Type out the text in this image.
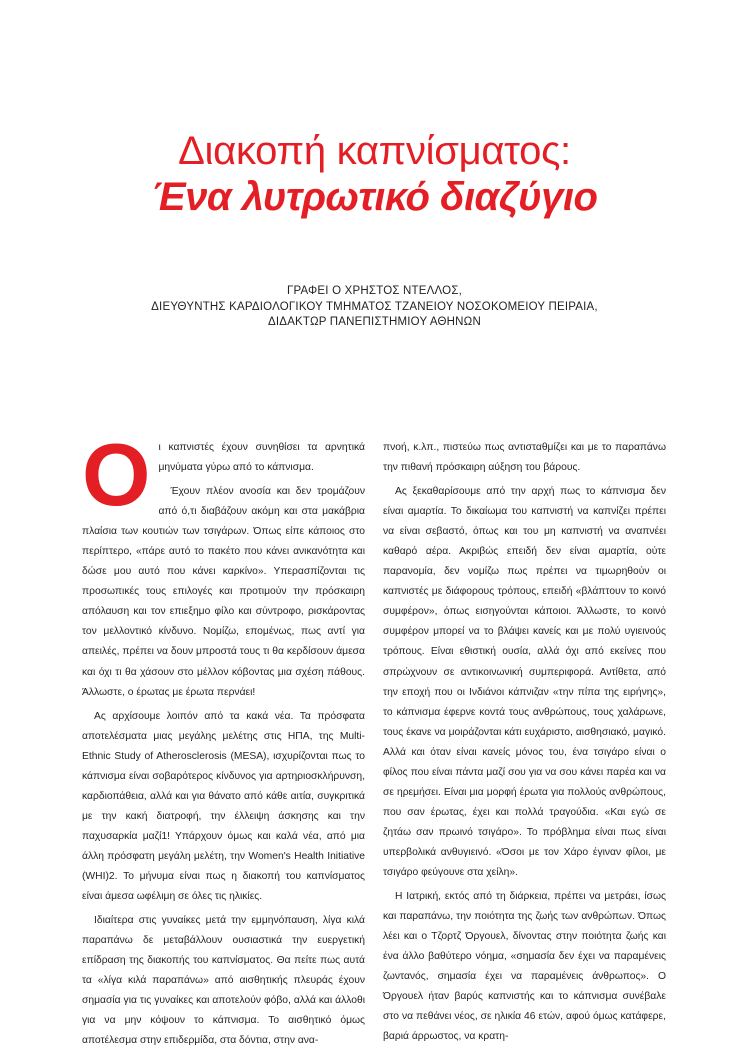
Διακοπή καπνίσματος:
Ένα λυτρωτικό διαζύγιο
ΓΡΑΦΕΙ Ο ΧΡΗΣΤΟΣ ΝΤΕΛΛΟΣ,
ΔΙΕΥΘΥΝΤΗΣ ΚΑΡΔΙΟΛΟΓΙΚΟΥ ΤΜΗΜΑΤΟΣ ΤΖΑΝΕΙΟΥ ΝΟΣΟΚΟΜΕΙΟΥ ΠΕΙΡΑΙΑ,
ΔΙΔΑΚΤΩΡ ΠΑΝΕΠΙΣΤΗΜΙΟΥ ΑΘΗΝΩΝ
Ο ι καπνιστές έχουν συνηθίσει τα αρνητικά μηνύματα γύρω από το κάπνισμα.

Έχουν πλέον ανοσία και δεν τρομάζουν από ό,τι διαβάζουν ακόμη και στα μακάβρια πλαίσια των κουτιών των τσιγάρων. Όπως είπε κάποιος στο περίπτερο, «πάρε αυτό το πακέτο που κάνει ανικανότητα και δώσε μου αυτό που κάνει καρκίνο». Υπερασπίζονται τις προσωπικές τους επιλογές και προτιμούν την πρόσκαιρη απόλαυση και τον επιεξημο φίλο και σύντροφο, ρισκάροντας τον μελλοντικό κίνδυνο. Νομίζω, επομένως, πως αντί για απειλές, πρέπει να δουν μπροστά τους τι θα κερδίσουν άμεσα και όχι τι θα χάσουν στο μέλλον κόβοντας μια σχέση πάθους. Άλλωστε, ο έρωτας με έρωτα περνάει!

Ας αρχίσουμε λοιπόν από τα κακά νέα. Τα πρόσφατα αποτελέσματα μιας μεγάλης μελέτης στις ΗΠΑ, της Multi-Ethnic Study of Atherosclerosis (MESA), ισχυρίζονται πως το κάπνισμα είναι σοβαρότερος κίνδυνος για αρτηριοσκλήρυνση, καρδιοπάθεια, αλλά και για θάνατο από κάθε αιτία, συγκριτικά με την κακή διατροφή, την έλλειψη άσκησης και την παχυσαρκία μαζί1! Υπάρχουν όμως και καλά νέα, από μια άλλη πρόσφατη μεγάλη μελέτη, την Women's Health Initiative (WHI)2. Το μήνυμα είναι πως η διακοπή του καπνίσματος είναι άμεσα ωφέλιμη σε όλες τις ηλικίες.

Ιδιαίτερα στις γυναίκες μετά την εμμηνόπαυση, λίγα κιλά παραπάνω δε μεταβάλλουν ουσιαστικά την ευεργετική επίδραση της διακοπής του καπνίσματος. Θα πείτε πως αυτά τα «λίγα κιλά παραπάνω» από αισθητικής πλευράς έχουν σημασία για τις γυναίκες και αποτελούν φόβο, αλλά και άλλοθι για να μην κόψουν το κάπνισμα. Το αισθητικό όμως αποτέλεσμα στην επιδερμίδα, στα δόντια, στην ανα-

πνοή, κ.λπ., πιστεύω πως αντισταθμίζει και με το παραπάνω την πιθανή πρόσκαιρη αύξηση του βάρους.

Ας ξεκαθαρίσουμε από την αρχή πως το κάπνισμα δεν είναι αμαρτία. Το δικαίωμα του καπνιστή να καπνίζει πρέπει να είναι σεβαστό, όπως και του μη καπνιστή να αναπνέει καθαρό αέρα. Ακριβώς επειδή δεν είναι αμαρτία, ούτε παρανομία, δεν νομίζω πως πρέπει να τιμωρηθούν οι καπνιστές με διάφορους τρόπους, επειδή «βλάπτουν το κοινό συμφέρον», όπως εισηγούνται κάποιοι. Άλλωστε, το κοινό συμφέρον μπορεί να το βλάψει κανείς και με πολύ υγιεινούς τρόπους. Είναι εθιστική ουσία, αλλά όχι από εκείνες που σπρώχνουν σε αντικοινωνική συμπεριφορά. Αντίθετα, από την εποχή που οι Ινδιάνοι κάπνιζαν «την πίπα της ειρήνης», το κάπνισμα έφερνε κοντά τους ανθρώπους, τους χαλάρωνε, τους έκανε να μοιράζονται κάτι ευχάριστο, αισθησιακό, μαγικό. Αλλά και όταν είναι κανείς μόνος του, ένα τσιγάρο είναι ο φίλος που είναι πάντα μαζί σου για να σου κάνει παρέα και να σε ηρεμήσει. Είναι μια μορφή έρωτα για πολλούς ανθρώπους, που σαν έρωτας, έχει και πολλά τραγούδια. «Και εγώ σε ζητάω σαν πρωινό τσιγάρο». Το πρόβλημα είναι πως είναι υπερβολικά ανθυγιεινό. «Όσοι με τον Χάρο έγιναν φίλοι, με τσιγάρο φεύγουνε στα χείλη».

Η Ιατρική, εκτός από τη διάρκεια, πρέπει να μετράει, ίσως και παραπάνω, την ποιότητα της ζωής των ανθρώπων. Όπως λέει και ο Τζορτζ Όργουελ, δίνοντας στην ποιότητα ζωής και ένα άλλο βαθύτερο νόημα, «σημασία δεν έχει να παραμένεις ζωντανός, σημασία έχει να παραμένεις άνθρωπος». Ο Όργουελ ήταν βαρύς καπνιστής και το κάπνισμα συνέβαλε στο να πεθάνει νέος, σε ηλικία 46 ετών, αφού όμως κατάφερε, βαριά άρρωστος, να κρατη-
